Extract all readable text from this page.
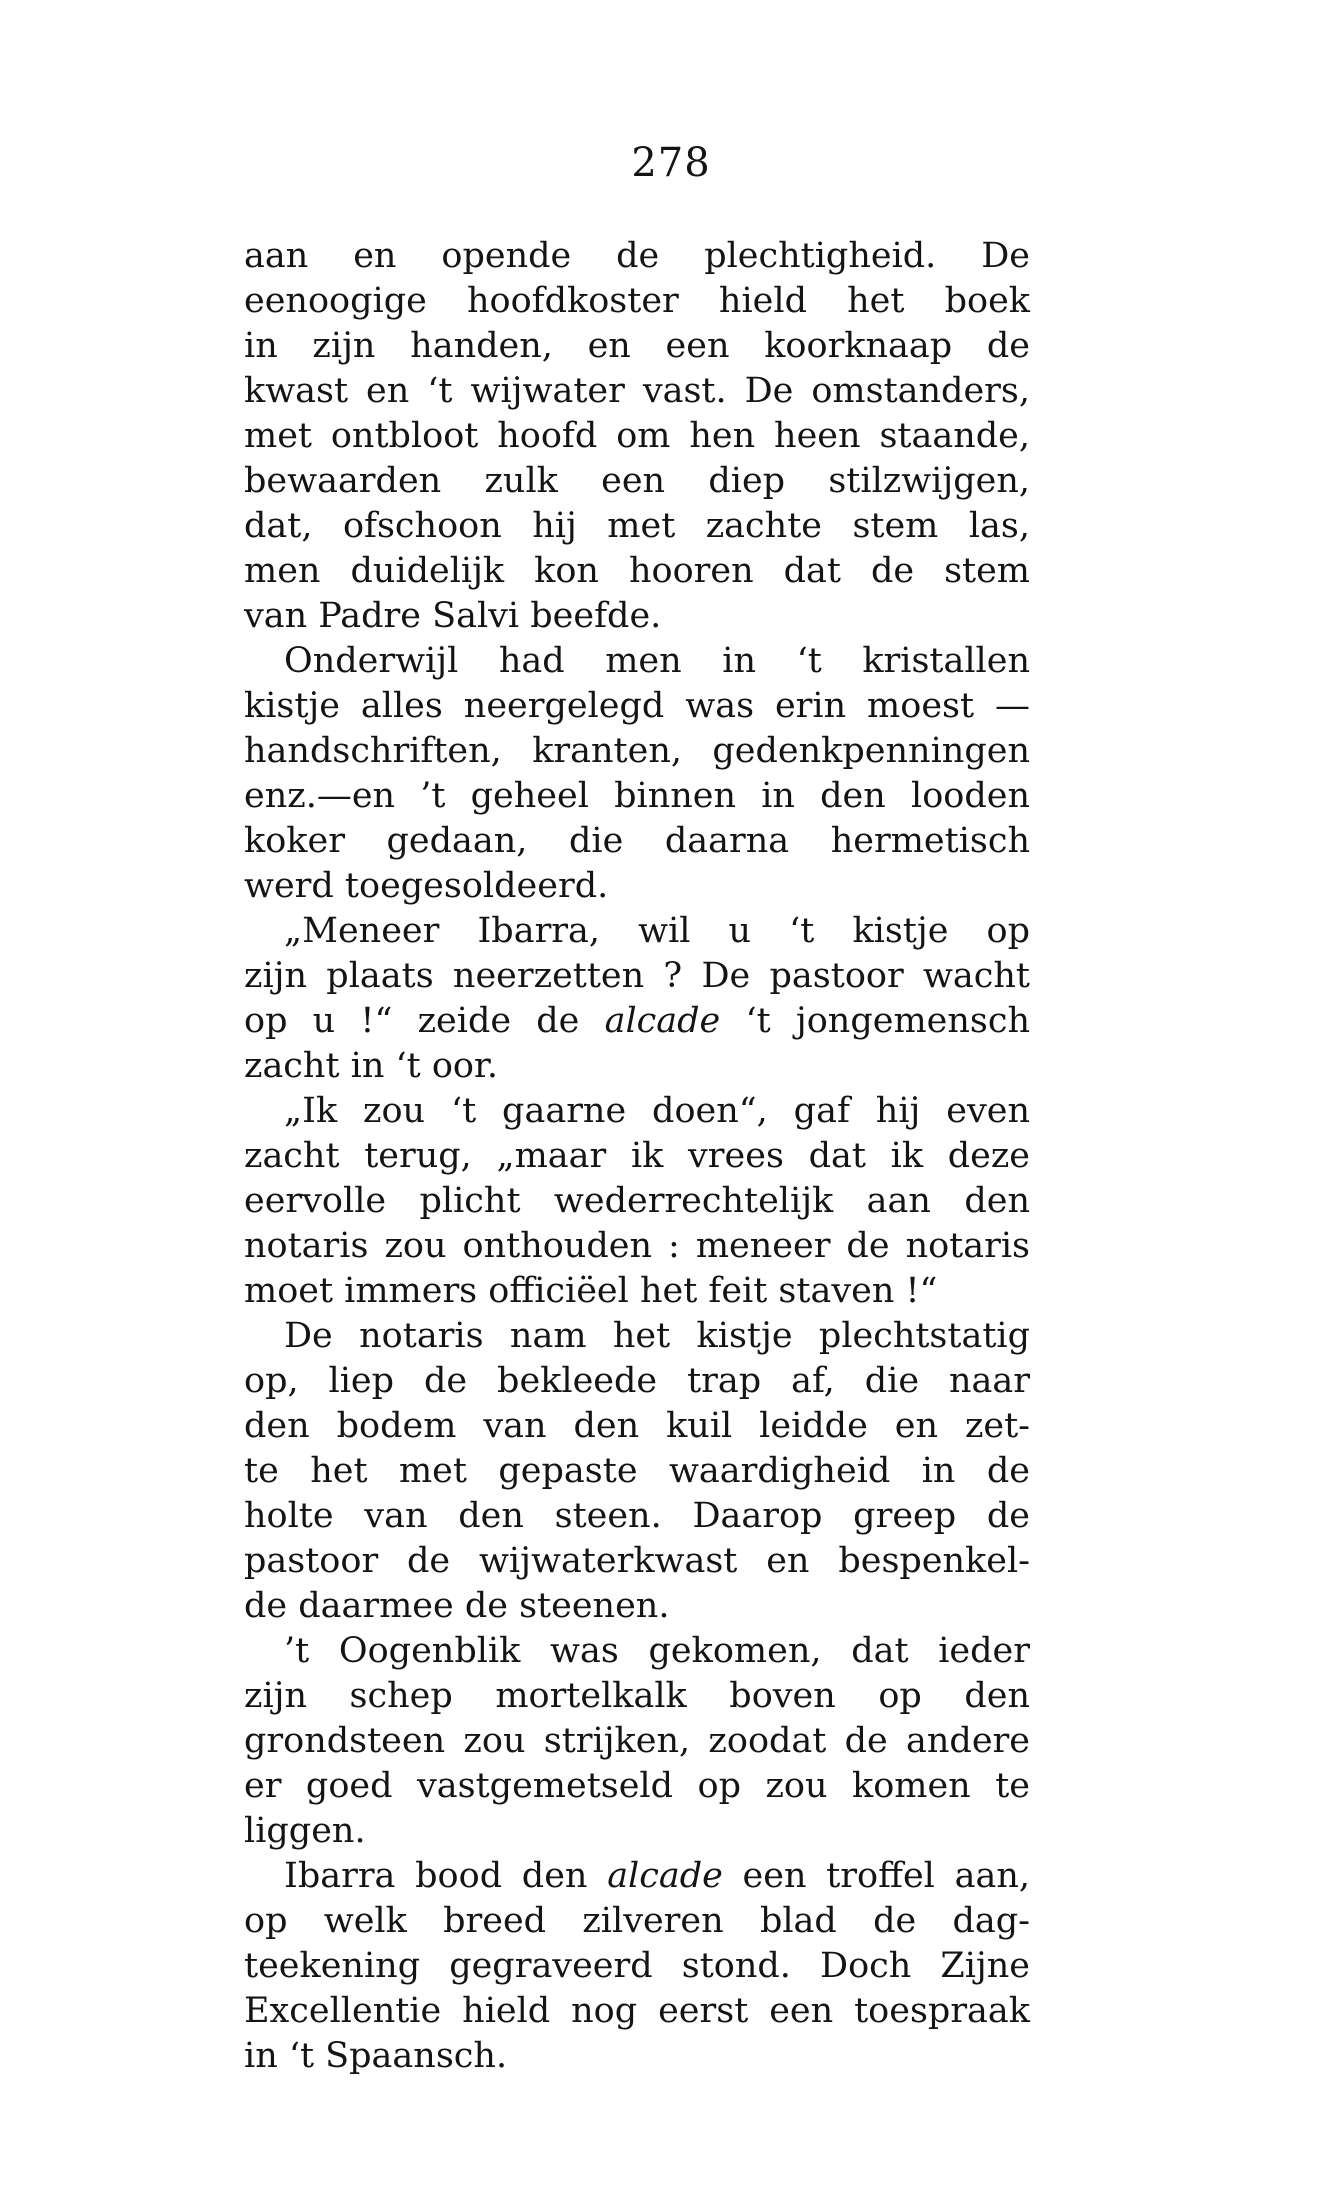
278
aan en opende de plechtigheid. De
eenoogige hoofdkoster hield het boek
in zijn handen, en een koorknaap de
kwast en ‘t wijwater vast. De omstanders,
met ontbloot hoofd om hen heen staande,
bewaarden zulk een diep stilzwijgen,
dat, ofschoon hij met zachte stem las,
men duidelijk kon hooren dat de stem
van Padre Salvi beefde.
Onderwijl had men in ‘t kristallen
kistje alles neergelegd was erin moest —
handschriften, kranten, gedenkpenningen
enz.—en ’t geheel binnen in den looden
koker gedaan, die daarna hermetisch
werd toegesoldeerd.
„Meneer Ibarra, wil u ‘t kistje op
zijn plaats neerzetten ? De pastoor wacht
op u !“ zeide de alcade ‘t jongemensch
zacht in ‘t oor.
„Ik zou ‘t gaarne doen“, gaf hij even
zacht terug, „maar ik vrees dat ik deze
eervolle plicht wederrechtelijk aan den
notaris zou onthouden : meneer de notaris
moet immers officiëel het feit staven !“
De notaris nam het kistje plechtstatig
op, liep de bekleede trap af, die naar
den bodem van den kuil leidde en zet-
te het met gepaste waardigheid in de
holte van den steen. Daarop greep de
pastoor de wijwaterkwast en bespenkel-
de daarmee de steenen.
’t Oogenblik was gekomen, dat ieder
zijn schep mortelkalk boven op den
grondsteen zou strijken, zoodat de andere
er goed vastgemetseld op zou komen te
liggen.
Ibarra bood den alcade een troffel aan,
op welk breed zilveren blad de dag-
teekening gegraveerd stond. Doch Zijne
Excellentie hield nog eerst een toespraak
in ‘t Spaansch.
